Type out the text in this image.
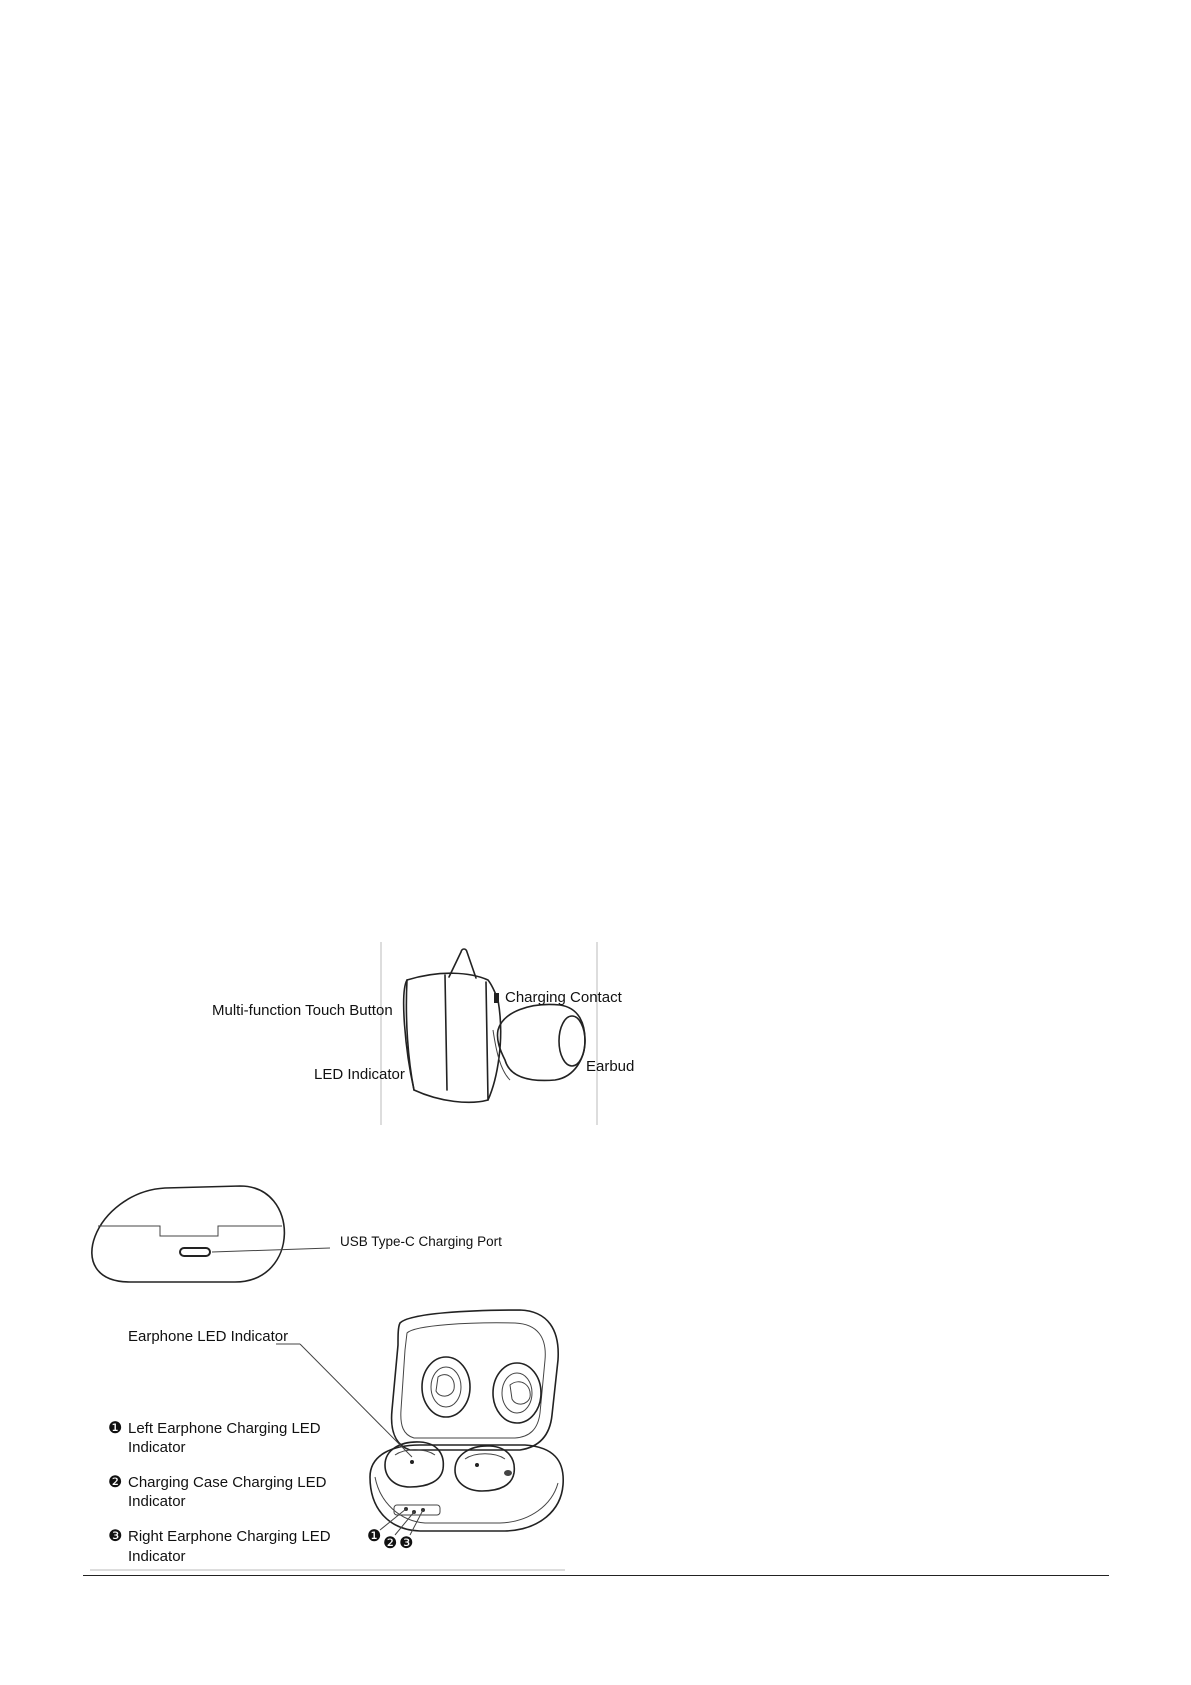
Multi-function Touch Button
LED Indicator
Charging Contact
Earbud
USB Type-C Charging Port
❶ ❷ ❸
Earphone LED Indicator
❶ Left Earphone Charging LED
Indicator
❷ Charging Case Charging LED
Indicator
❸ Right Earphone Charging LED
Indicator
